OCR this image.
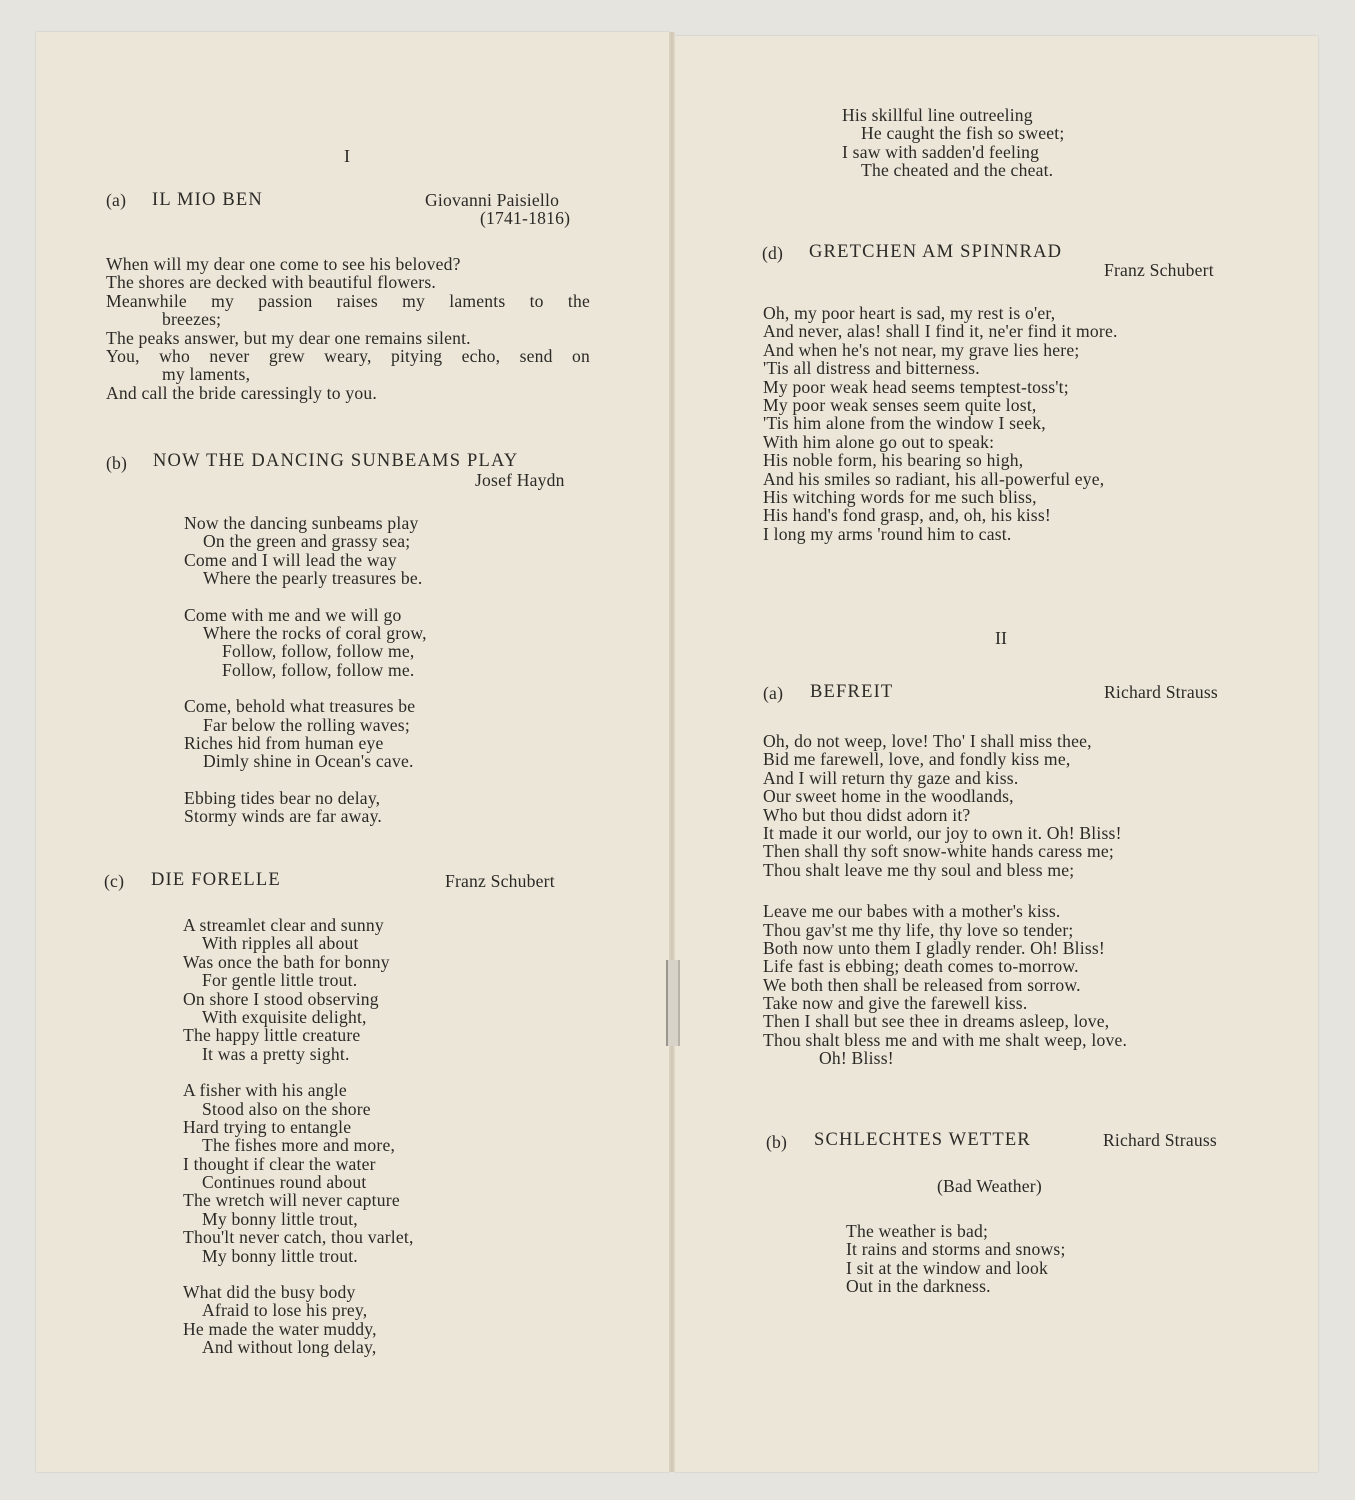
I
(a) IL MIO BEN	Giovanni Paisiello
(1741-1816)
When will my dear one come to see his beloved?
The shores are decked with beautiful flowers.
Meanwhile my passion raises my laments to the
breezes;
The peaks answer, but my dear one remains silent.
You, who never grew weary, pitying echo, send on
my laments,
And call the bride caressingly to you.
(b) NOW THE DANCING SUNBEAMS PLAY
Josef Haydn
Now the dancing sunbeams play
On the green and grassy sea;
Come and I will lead the way
Where the pearly treasures be.
Come with me and we will go
Where the rocks of coral grow,
Follow, follow, follow me,
Follow, follow, follow me.
Come, behold what treasures be
Far below the rolling waves;
Riches hid from human eye
Dimly shine in Ocean's cave.
Ebbing tides bear no delay,
Stormy winds are far away.
(c) DIE FORELLE	Franz Schubert
A streamlet clear and sunny
With ripples all about
Was once the bath for bonny
For gentle little trout.
On shore I stood observing
With exquisite delight,
The happy little creature
It was a pretty sight.
A fisher with his angle
Stood also on the shore
Hard trying to entangle
The fishes more and more,
I thought if clear the water
Continues round about
The wretch will never capture
My bonny little trout,
Thou'lt never catch, thou varlet,
My bonny little trout.
What did the busy body
Afraid to lose his prey,
He made the water muddy,
And without long delay,
His skillful line outreeling
He caught the fish so sweet;
I saw with sadden'd feeling
The cheated and the cheat.
(d) GRETCHEN AM SPINNRAD
Franz Schubert
Oh, my poor heart is sad, my rest is o'er,
And never, alas! shall I find it, ne'er find it more.
And when he's not near, my grave lies here;
'Tis all distress and bitterness.
My poor weak head seems temptest-toss't;
My poor weak senses seem quite lost,
'Tis him alone from the window I seek,
With him alone go out to speak:
His noble form, his bearing so high,
And his smiles so radiant, his all-powerful eye,
His witching words for me such bliss,
His hand's fond grasp, and, oh, his kiss!
I long my arms 'round him to cast.
II
(a) BEFREIT	Richard Strauss
Oh, do not weep, love! Tho' I shall miss thee,
Bid me farewell, love, and fondly kiss me,
And I will return thy gaze and kiss.
Our sweet home in the woodlands,
Who but thou didst adorn it?
It made it our world, our joy to own it. Oh! Bliss!
Then shall thy soft snow-white hands caress me;
Thou shalt leave me thy soul and bless me;
Leave me our babes with a mother's kiss.
Thou gav'st me thy life, thy love so tender;
Both now unto them I gladly render. Oh! Bliss!
Life fast is ebbing; death comes to-morrow.
We both then shall be released from sorrow.
Take now and give the farewell kiss.
Then I shall but see thee in dreams asleep, love,
Thou shalt bless me and with me shalt weep, love.
Oh! Bliss!
(b) SCHLECHTES WETTER	Richard Strauss
(Bad Weather)
The weather is bad;
It rains and storms and snows;
I sit at the window and look
Out in the darkness.
